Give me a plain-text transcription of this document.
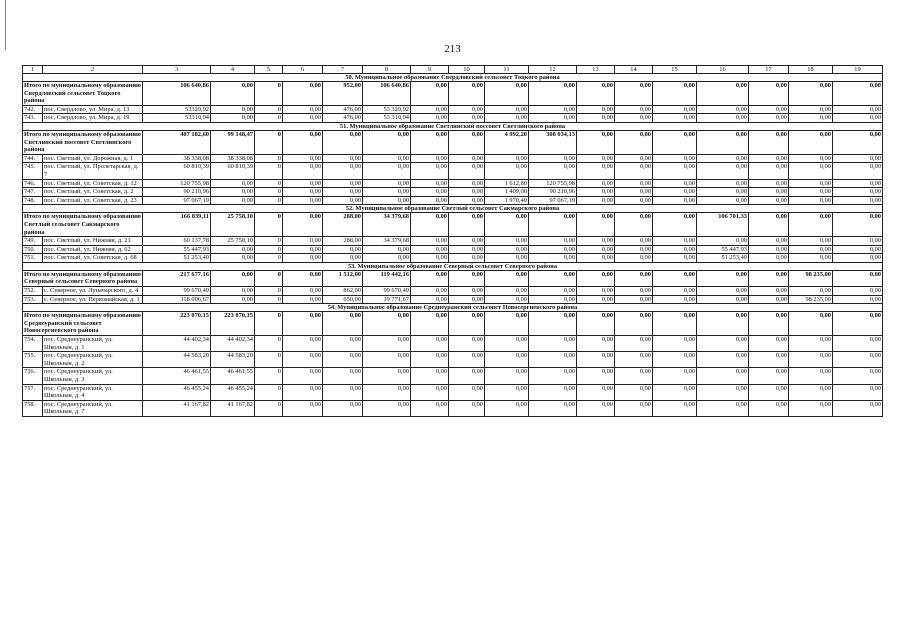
213
1	2	3	4	5	6	7	8	9	10	11	12	13	14	15	16	17	18	19
50. Муниципальное образование Свердловский сельсовет Тоцкого района																		
Итого по муниципальному образованию Свердловский сельсовет Тоцкого района		106 640,86	0,00	0	0,00	952,00	106 640,86	0,00	0,00	0,00	0,00	0,00	0,00	0,00	0,00	0,00	0,00	0,00
742.	пос. Свердлово, ул. Мира, д. 13	53329,92	0,00	0	0,00	476,00	53 329,92	0,00	0,00	0,00	0,00	0,00	0,00	0,00	0,00	0,00	0,00	0,00
743.	пос. Свердлово, ул. Мира, д. 19	53310,94	0,00	0	0,00	476,00	53 310,94	0,00	0,00	0,00	0,00	0,00	0,00	0,00	0,00	0,00	0,00	0,00
51. Муниципальное образование Светлинский поссовет Светлинского района																		
Итого по муниципальному образованию Светлинский поссовет Светлинского района		407 182,60	99 148,47	0	0,00	0,00	0,00	0,00	0,00	4 992,20	308 034,13	0,00	0,00	0,00	0,00	0,00	0,00	0,00
744.	пос. Светлый, ул. Дорожная, д. 1	38 338,08	38 338,08	0	0,00	0,00	0,00	0,00	0,00	0,00	0,00	0,00	0,00	0,00	0,00	0,00	0,00	0,00
745.	пос. Светлый, ул. Пролетарская, д. 7	60 810,39	60 810,39	0	0,00	0,00	0,00	0,00	0,00	0,00	0,00	0,00	0,00	0,00	0,00	0,00	0,00	0,00
746.	пос. Светлый, ул. Советская, д. 12	120 755,98	0,00	0	0,00	0,00	0,00	0,00	0,00	1 612,80	120 755,98	0,00	0,00	0,00	0,00	0,00	0,00	0,00
747.	пос. Светлый, ул. Советская, д. 2	90 210,96	0,00	0	0,00	0,00	0,00	0,00	0,00	1 409,00	90 210,96	0,00	0,00	0,00	0,00	0,00	0,00	0,00
748.	пос. Светлый, ул. Советская, д. 23	97 067,19	0,00	0	0,00	0,00	0,00	0,00	0,00	1 970,40	97 067,19	0,00	0,00	0,00	0,00	0,00	0,00	0,00
52. Муниципальное образование Светлый сельсовет Сакмарского района																		
Итого по муниципальному образованию Светлый сельсовет Сакмарского района		166 839,11	25 758,10	0	0,00	288,00	34 379,68	0,00	0,00	0,00	0,00	0,00	0,00	0,00	106 701,33	0,00	0,00	0,00
749.	пос. Светлый, ул. Нижняя, д. 21	60 137,78	25 758,10	0	0,00	288,00	34 379,68	0,00	0,00	0,00	0,00	0,00	0,00	0,00	0,00	0,00	0,00	0,00
750.	пос. Светлый, ул. Нижняя, д. 62	55 447,93	0,00	0	0,00	0,00	0,00	0,00	0,00	0,00	0,00	0,00	0,00	0,00	55 447,93	0,00	0,00	0,00
751.	пос. Светлый, ул. Советская, д. 68	51 253,40	0,00	0	0,00	0,00	0,00	0,00	0,00	0,00	0,00	0,00	0,00	0,00	51 253,40	0,00	0,00	0,00
53. Муниципальное образование Северный сельсовет Северного района																		
Итого по муниципальному образованию Северный сельсовет Северного района		217 677,16	0,00	0	0,00	1 512,00	119 442,16	0,00	0,00	0,00	0,00	0,00	0,00	0,00	0,00	0,00	98 235,00	0,00
752.	с. Северное, ул. Луначарского, д. 4	99 670,49	0,00	0	0,00	862,00	99 670,49	0,00	0,00	0,00	0,00	0,00	0,00	0,00	0,00	0,00	0,00	0,00
753.	с. Северное, ул. Первомайская, д. 1	118 006,67	0,00	0	0,00	650,00	19 771,67	0,00	0,00	0,00	0,00	0,00	0,00	0,00	0,00	0,00	98 235,00	0,00
54. Муниципальное образование Среднеуранский сельсовет Новосергиевского района																		
Итого по муниципальному образованию Среднеуранский сельсовет Новосергиевского района		223 070,15	223 070,15	0	0,00	0,00	0,00	0,00	0,00	0,00	0,00	0,00	0,00	0,00	0,00	0,00	0,00	0,00
754.	пос. Среднеуранский, ул. Школьная, д. 1	44 402,34	44 402,34	0	0,00	0,00	0,00	0,00	0,00	0,00	0,00	0,00	0,00	0,00	0,00	0,00	0,00	0,00
755.	пос. Среднеуранский, ул. Школьная, д. 2	44 583,20	44 583,20	0	0,00	0,00	0,00	0,00	0,00	0,00	0,00	0,00	0,00	0,00	0,00	0,00	0,00	0,00
756.	пос. Среднеуранский, ул. Школьная, д. 3	46 461,55	46 461,55	0	0,00	0,00	0,00	0,00	0,00	0,00	0,00	0,00	0,00	0,00	0,00	0,00	0,00	0,00
757.	пос. Среднеуранский, ул. Школьная, д. 4	46 455,24	46 455,24	0	0,00	0,00	0,00	0,00	0,00	0,00	0,00	0,00	0,00	0,00	0,00	0,00	0,00	0,00
758.	пос. Среднеуранский, ул. Школьная, д. 7	41 167,82	41 167,82	0	0,00	0,00	0,00	0,00	0,00	0,00	0,00	0,00	0,00	0,00	0,00	0,00	0,00	0,00
